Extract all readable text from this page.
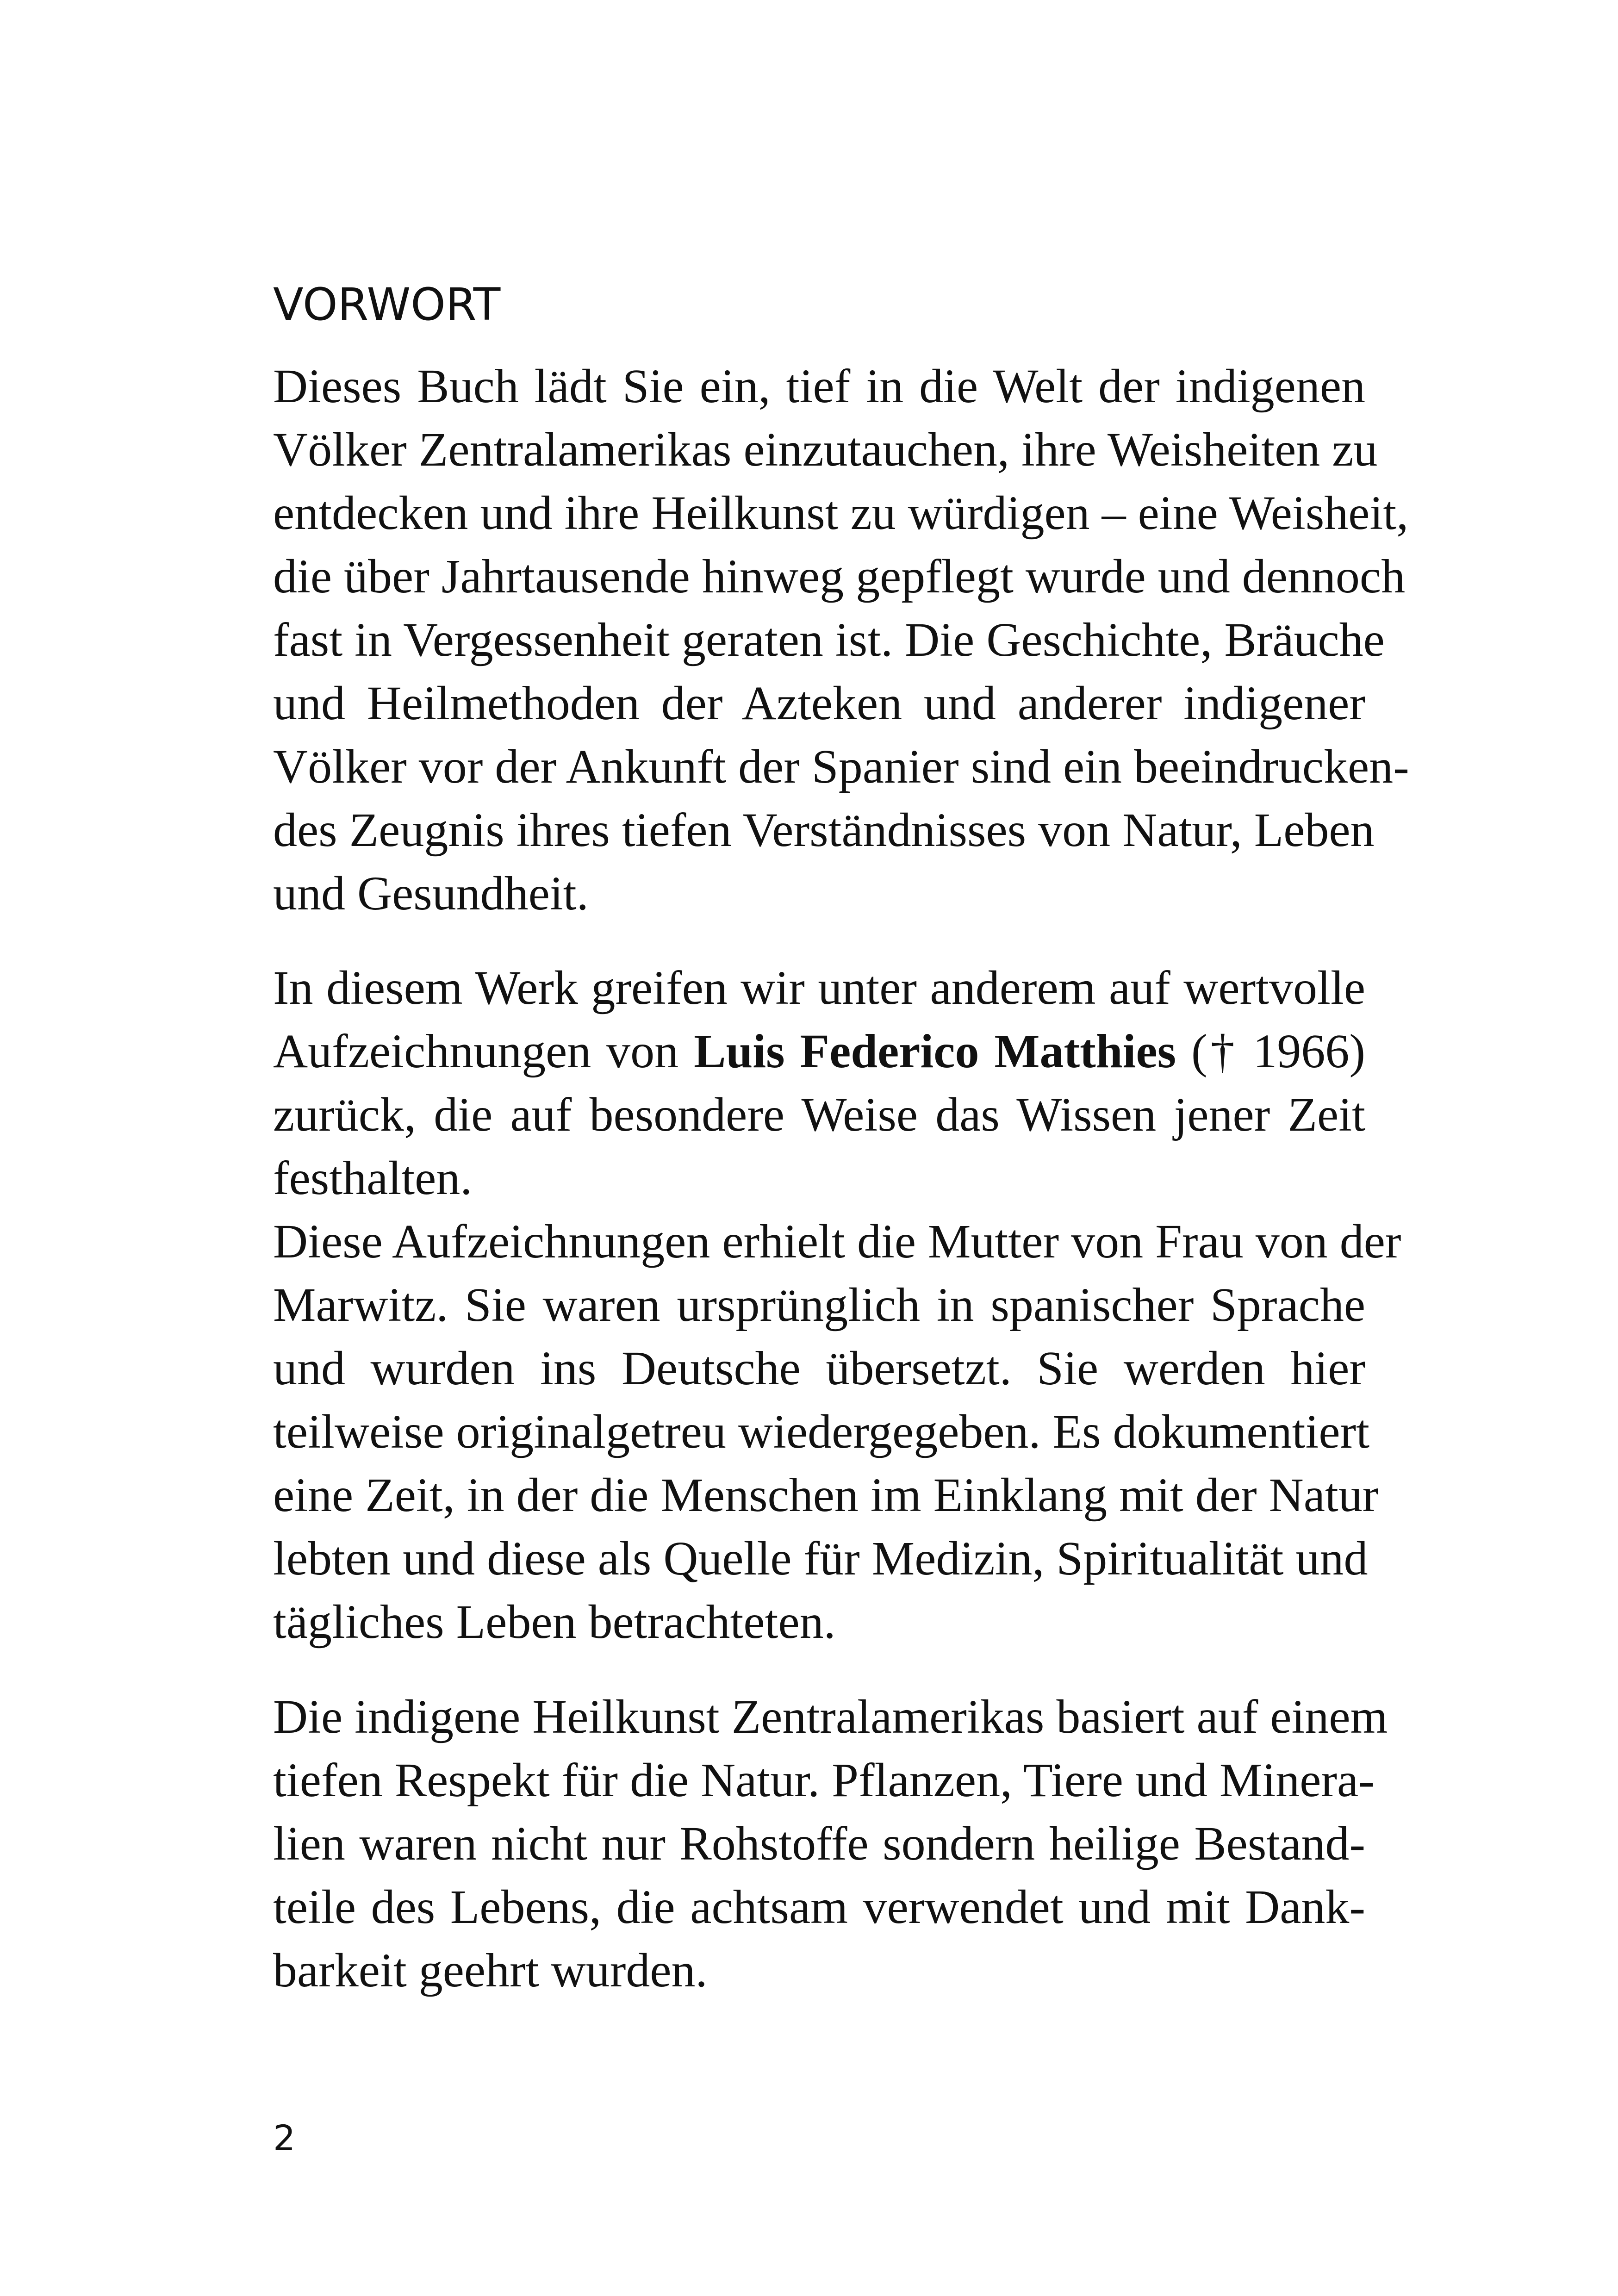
VORWORT

Dieses Buch lädt Sie ein, tief in die Welt der indigenen

Völker Zentralamerikas einzutauchen, ihre Weisheiten zu

entdecken und ihre Heilkunst zu würdigen – eine Weisheit,

die über Jahrtausende hinweg gepflegt wurde und dennoch

fast in Vergessenheit geraten ist. Die Geschichte, Bräuche

und Heilmethoden der Azteken und anderer indigener

Völker vor der Ankunft der Spanier sind ein beeindrucken-

des Zeugnis ihres tiefen Verständnisses von Natur, Leben

und Gesundheit.

In diesem Werk greifen wir unter anderem auf wertvolle

Aufzeichnungen von Luis Federico Matthies († 1966)

zurück, die auf besondere Weise das Wissen jener Zeit

festhalten.

Diese Aufzeichnungen erhielt die Mutter von Frau von der

Marwitz. Sie waren ursprünglich in spanischer Sprache

und wurden ins Deutsche übersetzt. Sie werden hier

teilweise originalgetreu wiedergegeben. Es dokumentiert

eine Zeit, in der die Menschen im Einklang mit der Natur

lebten und diese als Quelle für Medizin, Spiritualität und

tägliches Leben betrachteten.

Die indigene Heilkunst Zentralamerikas basiert auf einem

tiefen Respekt für die Natur. Pflanzen, Tiere und Minera-

lien waren nicht nur Rohstoffe sondern heilige Bestand-

teile des Lebens, die achtsam verwendet und mit Dank-

barkeit geehrt wurden.

2
